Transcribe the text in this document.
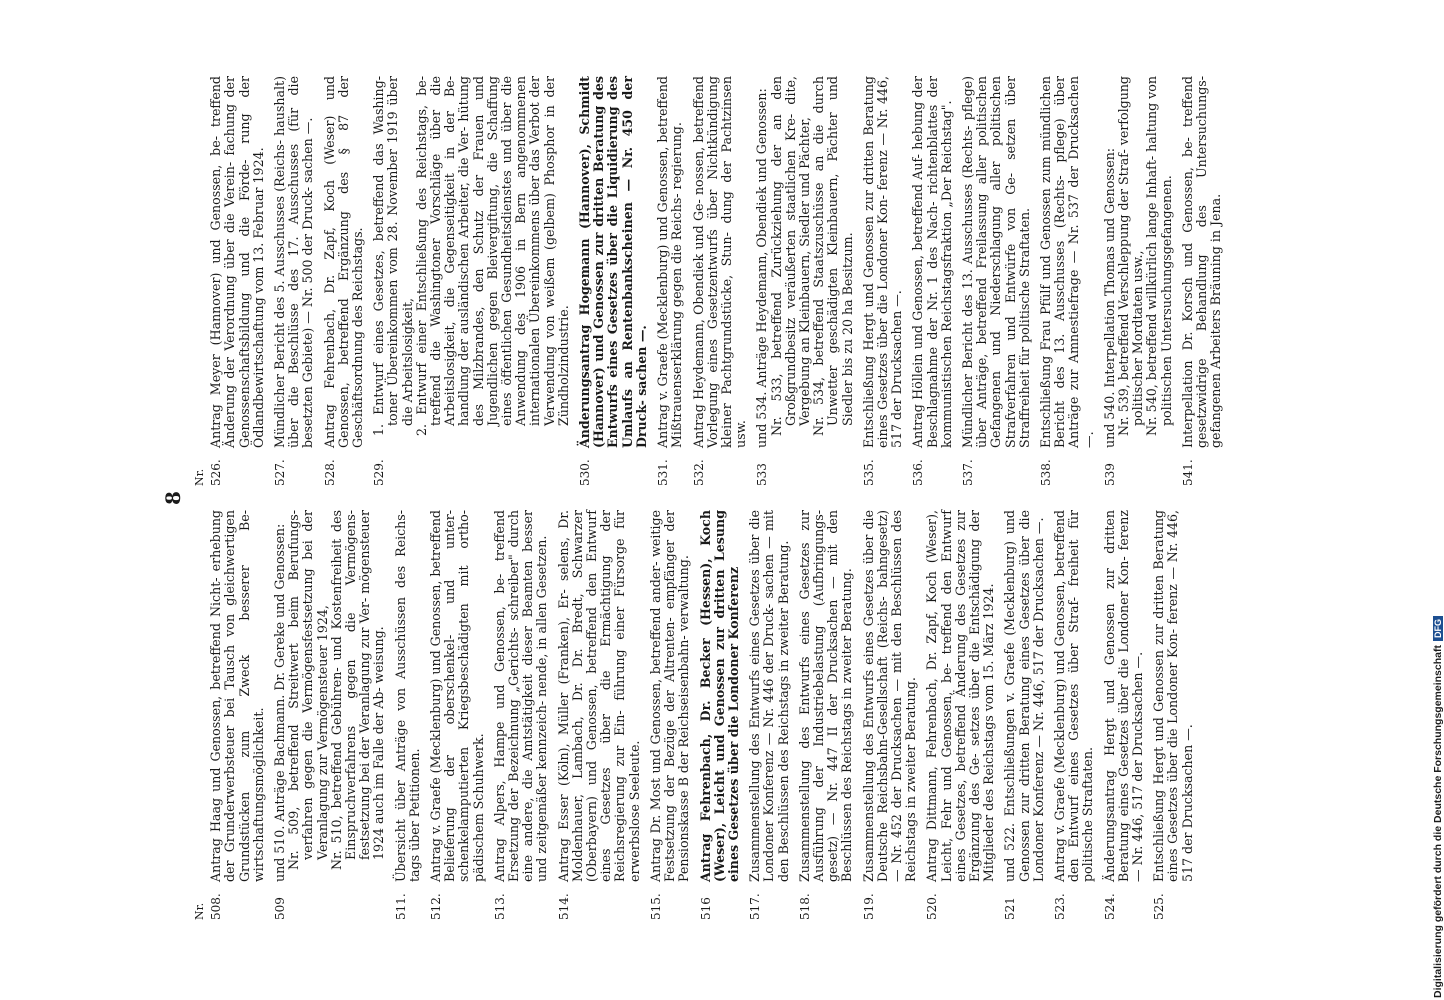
8
Nr. 508.
Antrag Haag und Genossen, betreffend Nicht- erhebung der Grunderwerbsteuer bei Tausch von gleichwertigen Grundstücken zum Zweck besserer Be- wirtschaftungsmöglichkeit.
509
und 510. Anträge Bachmann. Dr. Gereke und Genossen: Nr. 509, betreffend Streitwert beim Berufungs- verfahren gegen die Vermögensfestsetzung bei der Veranlagung zur Vermögensteuer 1924, Nr. 510, betreffend Gebühren- und Kostenfreiheit des Einspruchverfahrens gegen die Vermögens- festsetzung bei der Veranlagung zur Ver- mögensteuer 1924 auch im Falle der Ab- weisung.
511.
Übersicht über Anträge von Ausschüssen des Reichs- tags über Petitionen.
512.
Antrag v. Graefe (Mecklenburg) und Genossen, betreffend Belieferung der oberschenkel- und unter- schenkelamputierten Kriegsbeschädigten mit ortho- pädischem Schuhwerk.
513.
Antrag Alpers, Hampe und Genossen, be- treffend Ersetzung der Bezeichnung „Gerichts- schreiber" durch eine andere, die Amtstätigkeit dieser Beamten besser und zeitgemäßer kennzeich- nende, in allen Gesetzen.
514.
Antrag Esser (Köln), Müller (Franken), Er- selens, Dr. Moldenhauer, Lambach, Dr. Dr. Bredt, Schwarzer (Oberbayern) und Genossen, betreffend den Entwurf eines Gesetzes über die Ermächtigung der Reichsregierung zur Ein- führung einer Fürsorge für erwerbslose Seeleute.
515.
Antrag Dr. Most und Genossen, betreffend ander- weitige Festsetzung der Bezüge der Altrenten- empfänger der Pensionskasse B der Reichseisenbahn- verwaltung.
516
Antrag Fehrenbach, Dr. Becker (Hessen), Koch (Weser), Leicht und Genossen zur dritten Lesung eines Gesetzes über die Londoner Konferenz
517.
Zusammenstellung des Entwurfs eines Gesetzes über die Londoner Konferenz — Nr. 446 der Druck- sachen — mit den Beschlüssen des Reichstags in zweiter Beratung.
518.
Zusammenstellung des Entwurfs eines Gesetzes zur Ausführung der Industriebelastung (Aufbringungs- gesetz) — Nr. 447 II der Drucksachen — mit den Beschlüssen des Reichstags in zweiter Beratung.
519.
Zusammenstellung des Entwurfs eines Gesetzes über die Deutsche Reichsbahn-Gesellschaft (Reichs- bahngesetz) — Nr. 452 der Drucksachen — mit den Beschlüssen des Reichstags in zweiter Beratung.
520.
Antrag Dittmann, Fehrenbach, Dr. Zapf, Koch (Weser), Leicht, Fehr und Genossen, be- treffend den Entwurf eines Gesetzes, betreffend Änderung des Gesetzes zur Ergänzung des Ge- setzes über die Entschädigung der Mitglieder des Reichstags vom 15. März 1924.
521
und 522. Entschließungen v. Graefe (Mecklenburg) und Genossen zur dritten Beratung eines Gesetzes über die Londoner Konferenz — Nr. 446, 517 der Drucksachen —.
523.
Antrag v. Graefe (Mecklenburg) und Genossen, betreffend den Entwurf eines Gesetzes über Straf- freiheit für politische Straftaten.
524.
Änderungsantrag Hergt und Genossen zur dritten Beratung eines Gesetzes über die Londoner Kon- ferenz — Nr. 446, 517 der Drucksachen —.
525.
Entschließung Hergt und Genossen zur dritten Beratung eines Gesetzes über die Londoner Kon- ferenz — Nr. 446, 517 der Drucksachen —.
Nr. 526.
Antrag Meyer (Hannover) und Genossen, be- treffend Änderung der Verordnung über die Verein- fachung der Genossenschaftsbildung und die Förde- rung der Ödlandbewirtschaftung vom 13. Februar 1924.
527.
Mündlicher Bericht des 5. Ausschusses (Reichs- haushalt) über die Beschlüsse des 17. Ausschusses (für die besetzten Gebiete) — Nr. 500 der Druck- sachen —.
528.
Antrag Fehrenbach, Dr. Zapf, Koch (Weser) und Genossen, betreffend Ergänzung des § 87 der Geschäftsordnung des Reichstags.
529.
1. Entwurf eines Gesetzes, betreffend das Washing- toner Übereinkommen vom 28. November 1919 über die Arbeitslosigkeit, 2. Entwurf einer Entschließung des Reichstags, be- treffend die Washingtoner Vorschläge über die Arbeitslosigkeit, die Gegenseitigkeit in der Be- handlung der ausländischen Arbeiter, die Ver- hütung des Milzbrandes, den Schutz der Frauen und Jugendlichen gegen Bleivergiftung, die Schaffung eines öffentlichen Gesundheitsdienstes und über die Anwendung des 1906 in Bern angenommenen internationalen Übereinkommens über das Verbot der Verwendung von weißem (gelbem) Phosphor in der Zündholzindustrie.
530.
Änderungsantrag Hogemann (Hannover), Schmidt (Hannover) und Genossen zur dritten Beratung des Entwurfs eines Gesetzes über die Liquidierung des Umlaufs an Rentenbankscheinen — Nr. 450 der Druck- sachen —.
531.
Antrag v. Graefe (Mecklenburg) und Genossen, betreffend Mißtrauenserklärung gegen die Reichs- regierung.
532.
Antrag Heydemann, Obendiek und Ge- nossen, betreffend Vorlegung eines Gesetzentwurfs über Nichtkündigung kleiner Pachtgrundstücke, Stun- dung der Pachtzinsen usw.
533
und 534. Anträge Heydemann, Obendiek und Genossen: Nr. 533, betreffend Zurückziehung der an den Großgrundbesitz veräußerten staatlichen Kre- dite, Vergebung an Kleinbauern, Siedler und Pächter, Nr. 534, betreffend Staatszuschüsse an die durch Unwetter geschädigten Kleinbauern, Pächter und Siedler bis zu 20 ha Besitzum.
535.
Entschließung Hergt und Genossen zur dritten Beratung eines Gesetzes über die Londoner Kon- ferenz — Nr. 446, 517 der Drucksachen —.
536.
Antrag Höllein und Genossen, betreffend Auf- hebung der Beschlagnahme der Nr. 1 des Nach- richtenblattes der kommunistischen Reichstagsfraktion „Der Reichstag".
537.
Mündlicher Bericht des 13. Ausschusses (Rechts- pflege) über Anträge, betreffend Freilassung aller politischen Gefangenen und Niederschlagung aller politischen Strafverfahren und Entwürfe von Ge- setzen über Straffreiheit für politische Straftaten.
538.
Entschließung Frau Pfülf und Genossen zum mündlichen Bericht des 13. Ausschusses (Rechts- pflege) über Anträge zur Amnestiefrage — Nr. 537 der Drucksachen —.
539
und 540. Interpellation Thomas und Genossen: Nr. 539, betreffend Verschleppung der Straf- verfolgung politischer Mordtaten usw., Nr. 540, betreffend willkürlich lange Inhaft- haltung von politischen Untersuchungsgefangenen.
541.
Interpellation Dr. Korsch und Genossen, be- treffend gesetzwidrige Behandlung des Untersuchungs- gefangenen Arbeiters Bräuning in Jena.
Digitalisierung gefördert durch die Deutsche ForschungsgemeinschaftDFG
